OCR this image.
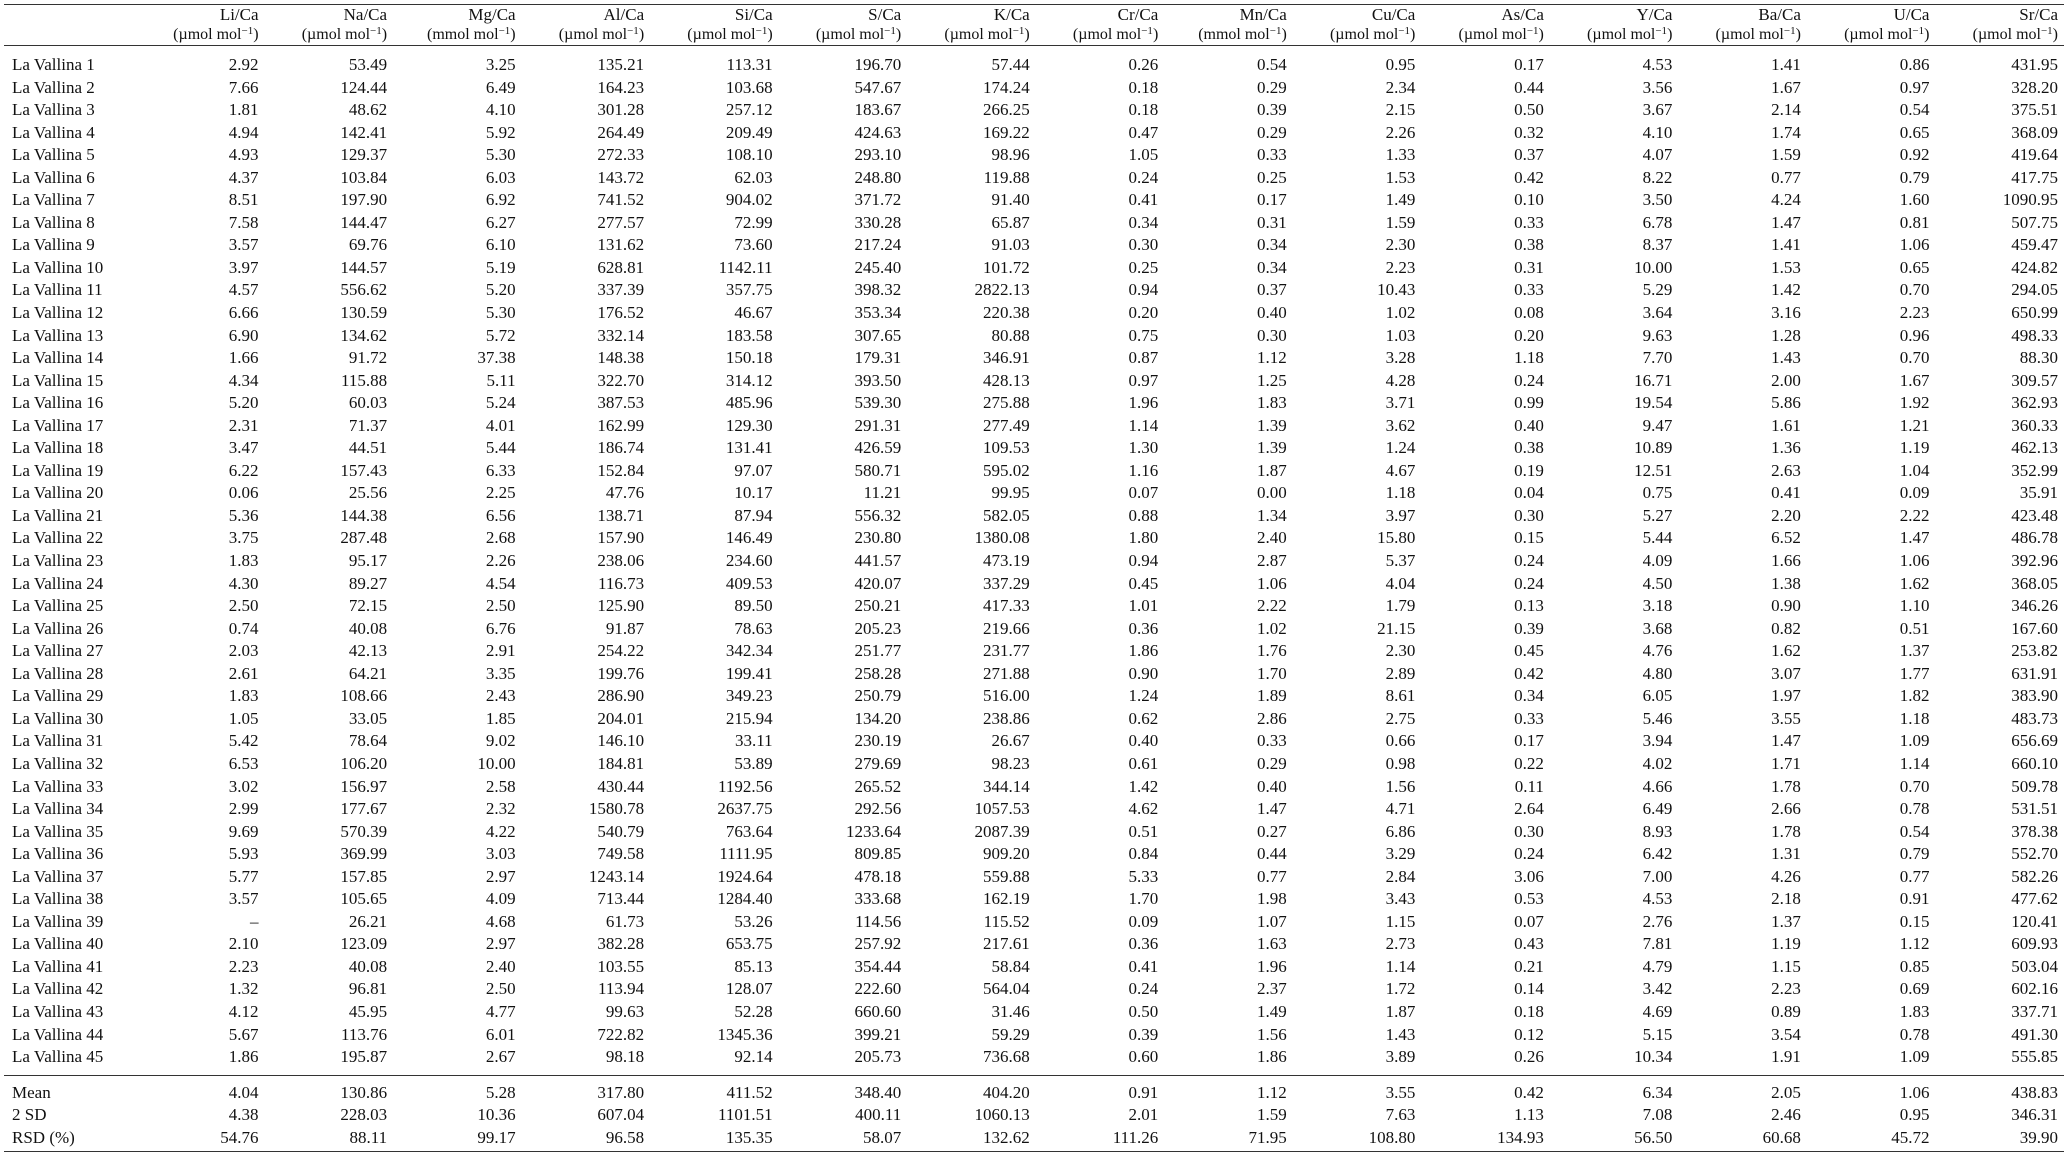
	Li/Ca	Na/Ca	Mg/Ca	Al/Ca	Si/Ca	S/Ca	K/Ca	Cr/Ca	Mn/Ca	Cu/Ca	As/Ca	Y/Ca	Ba/Ca	U/Ca	Sr/Ca
	(µmol mol$^{-1}$)	(µmol mol$^{-1}$)	(mmol mol$^{-1}$)	(µmol mol$^{-1}$)	(µmol mol$^{-1}$)	(µmol mol$^{-1}$)	(µmol mol$^{-1}$)	(µmol mol$^{-1}$)	(mmol mol$^{-1}$)	(µmol mol$^{-1}$)	(µmol mol$^{-1}$)	(µmol mol$^{-1}$)	(µmol mol$^{-1}$)	(µmol mol$^{-1}$)	(µmol mol$^{-1}$)
La Vallina 1	2.92	53.49	3.25	135.21	113.31	196.70	57.44	0.26	0.54	0.95	0.17	4.53	1.41	0.86	431.95
La Vallina 2	7.66	124.44	6.49	164.23	103.68	547.67	174.24	0.18	0.29	2.34	0.44	3.56	1.67	0.97	328.20
La Vallina 3	1.81	48.62	4.10	301.28	257.12	183.67	266.25	0.18	0.39	2.15	0.50	3.67	2.14	0.54	375.51
La Vallina 4	4.94	142.41	5.92	264.49	209.49	424.63	169.22	0.47	0.29	2.26	0.32	4.10	1.74	0.65	368.09
La Vallina 5	4.93	129.37	5.30	272.33	108.10	293.10	98.96	1.05	0.33	1.33	0.37	4.07	1.59	0.92	419.64
La Vallina 6	4.37	103.84	6.03	143.72	62.03	248.80	119.88	0.24	0.25	1.53	0.42	8.22	0.77	0.79	417.75
La Vallina 7	8.51	197.90	6.92	741.52	904.02	371.72	91.40	0.41	0.17	1.49	0.10	3.50	4.24	1.60	1090.95
La Vallina 8	7.58	144.47	6.27	277.57	72.99	330.28	65.87	0.34	0.31	1.59	0.33	6.78	1.47	0.81	507.75
La Vallina 9	3.57	69.76	6.10	131.62	73.60	217.24	91.03	0.30	0.34	2.30	0.38	8.37	1.41	1.06	459.47
La Vallina 10	3.97	144.57	5.19	628.81	1142.11	245.40	101.72	0.25	0.34	2.23	0.31	10.00	1.53	0.65	424.82
La Vallina 11	4.57	556.62	5.20	337.39	357.75	398.32	2822.13	0.94	0.37	10.43	0.33	5.29	1.42	0.70	294.05
La Vallina 12	6.66	130.59	5.30	176.52	46.67	353.34	220.38	0.20	0.40	1.02	0.08	3.64	3.16	2.23	650.99
La Vallina 13	6.90	134.62	5.72	332.14	183.58	307.65	80.88	0.75	0.30	1.03	0.20	9.63	1.28	0.96	498.33
La Vallina 14	1.66	91.72	37.38	148.38	150.18	179.31	346.91	0.87	1.12	3.28	1.18	7.70	1.43	0.70	88.30
La Vallina 15	4.34	115.88	5.11	322.70	314.12	393.50	428.13	0.97	1.25	4.28	0.24	16.71	2.00	1.67	309.57
La Vallina 16	5.20	60.03	5.24	387.53	485.96	539.30	275.88	1.96	1.83	3.71	0.99	19.54	5.86	1.92	362.93
La Vallina 17	2.31	71.37	4.01	162.99	129.30	291.31	277.49	1.14	1.39	3.62	0.40	9.47	1.61	1.21	360.33
La Vallina 18	3.47	44.51	5.44	186.74	131.41	426.59	109.53	1.30	1.39	1.24	0.38	10.89	1.36	1.19	462.13
La Vallina 19	6.22	157.43	6.33	152.84	97.07	580.71	595.02	1.16	1.87	4.67	0.19	12.51	2.63	1.04	352.99
La Vallina 20	0.06	25.56	2.25	47.76	10.17	11.21	99.95	0.07	0.00	1.18	0.04	0.75	0.41	0.09	35.91
La Vallina 21	5.36	144.38	6.56	138.71	87.94	556.32	582.05	0.88	1.34	3.97	0.30	5.27	2.20	2.22	423.48
La Vallina 22	3.75	287.48	2.68	157.90	146.49	230.80	1380.08	1.80	2.40	15.80	0.15	5.44	6.52	1.47	486.78
La Vallina 23	1.83	95.17	2.26	238.06	234.60	441.57	473.19	0.94	2.87	5.37	0.24	4.09	1.66	1.06	392.96
La Vallina 24	4.30	89.27	4.54	116.73	409.53	420.07	337.29	0.45	1.06	4.04	0.24	4.50	1.38	1.62	368.05
La Vallina 25	2.50	72.15	2.50	125.90	89.50	250.21	417.33	1.01	2.22	1.79	0.13	3.18	0.90	1.10	346.26
La Vallina 26	0.74	40.08	6.76	91.87	78.63	205.23	219.66	0.36	1.02	21.15	0.39	3.68	0.82	0.51	167.60
La Vallina 27	2.03	42.13	2.91	254.22	342.34	251.77	231.77	1.86	1.76	2.30	0.45	4.76	1.62	1.37	253.82
La Vallina 28	2.61	64.21	3.35	199.76	199.41	258.28	271.88	0.90	1.70	2.89	0.42	4.80	3.07	1.77	631.91
La Vallina 29	1.83	108.66	2.43	286.90	349.23	250.79	516.00	1.24	1.89	8.61	0.34	6.05	1.97	1.82	383.90
La Vallina 30	1.05	33.05	1.85	204.01	215.94	134.20	238.86	0.62	2.86	2.75	0.33	5.46	3.55	1.18	483.73
La Vallina 31	5.42	78.64	9.02	146.10	33.11	230.19	26.67	0.40	0.33	0.66	0.17	3.94	1.47	1.09	656.69
La Vallina 32	6.53	106.20	10.00	184.81	53.89	279.69	98.23	0.61	0.29	0.98	0.22	4.02	1.71	1.14	660.10
La Vallina 33	3.02	156.97	2.58	430.44	1192.56	265.52	344.14	1.42	0.40	1.56	0.11	4.66	1.78	0.70	509.78
La Vallina 34	2.99	177.67	2.32	1580.78	2637.75	292.56	1057.53	4.62	1.47	4.71	2.64	6.49	2.66	0.78	531.51
La Vallina 35	9.69	570.39	4.22	540.79	763.64	1233.64	2087.39	0.51	0.27	6.86	0.30	8.93	1.78	0.54	378.38
La Vallina 36	5.93	369.99	3.03	749.58	1111.95	809.85	909.20	0.84	0.44	3.29	0.24	6.42	1.31	0.79	552.70
La Vallina 37	5.77	157.85	2.97	1243.14	1924.64	478.18	559.88	5.33	0.77	2.84	3.06	7.00	4.26	0.77	582.26
La Vallina 38	3.57	105.65	4.09	713.44	1284.40	333.68	162.19	1.70	1.98	3.43	0.53	4.53	2.18	0.91	477.62
La Vallina 39	–	26.21	4.68	61.73	53.26	114.56	115.52	0.09	1.07	1.15	0.07	2.76	1.37	0.15	120.41
La Vallina 40	2.10	123.09	2.97	382.28	653.75	257.92	217.61	0.36	1.63	2.73	0.43	7.81	1.19	1.12	609.93
La Vallina 41	2.23	40.08	2.40	103.55	85.13	354.44	58.84	0.41	1.96	1.14	0.21	4.79	1.15	0.85	503.04
La Vallina 42	1.32	96.81	2.50	113.94	128.07	222.60	564.04	0.24	2.37	1.72	0.14	3.42	2.23	0.69	602.16
La Vallina 43	4.12	45.95	4.77	99.63	52.28	660.60	31.46	0.50	1.49	1.87	0.18	4.69	0.89	1.83	337.71
La Vallina 44	5.67	113.76	6.01	722.82	1345.36	399.21	59.29	0.39	1.56	1.43	0.12	5.15	3.54	0.78	491.30
La Vallina 45	1.86	195.87	2.67	98.18	92.14	205.73	736.68	0.60	1.86	3.89	0.26	10.34	1.91	1.09	555.85
Mean	4.04	130.86	5.28	317.80	411.52	348.40	404.20	0.91	1.12	3.55	0.42	6.34	2.05	1.06	438.83
2 SD	4.38	228.03	10.36	607.04	1101.51	400.11	1060.13	2.01	1.59	7.63	1.13	7.08	2.46	0.95	346.31
RSD (%)	54.76	88.11	99.17	96.58	135.35	58.07	132.62	111.26	71.95	108.80	134.93	56.50	60.68	45.72	39.90
